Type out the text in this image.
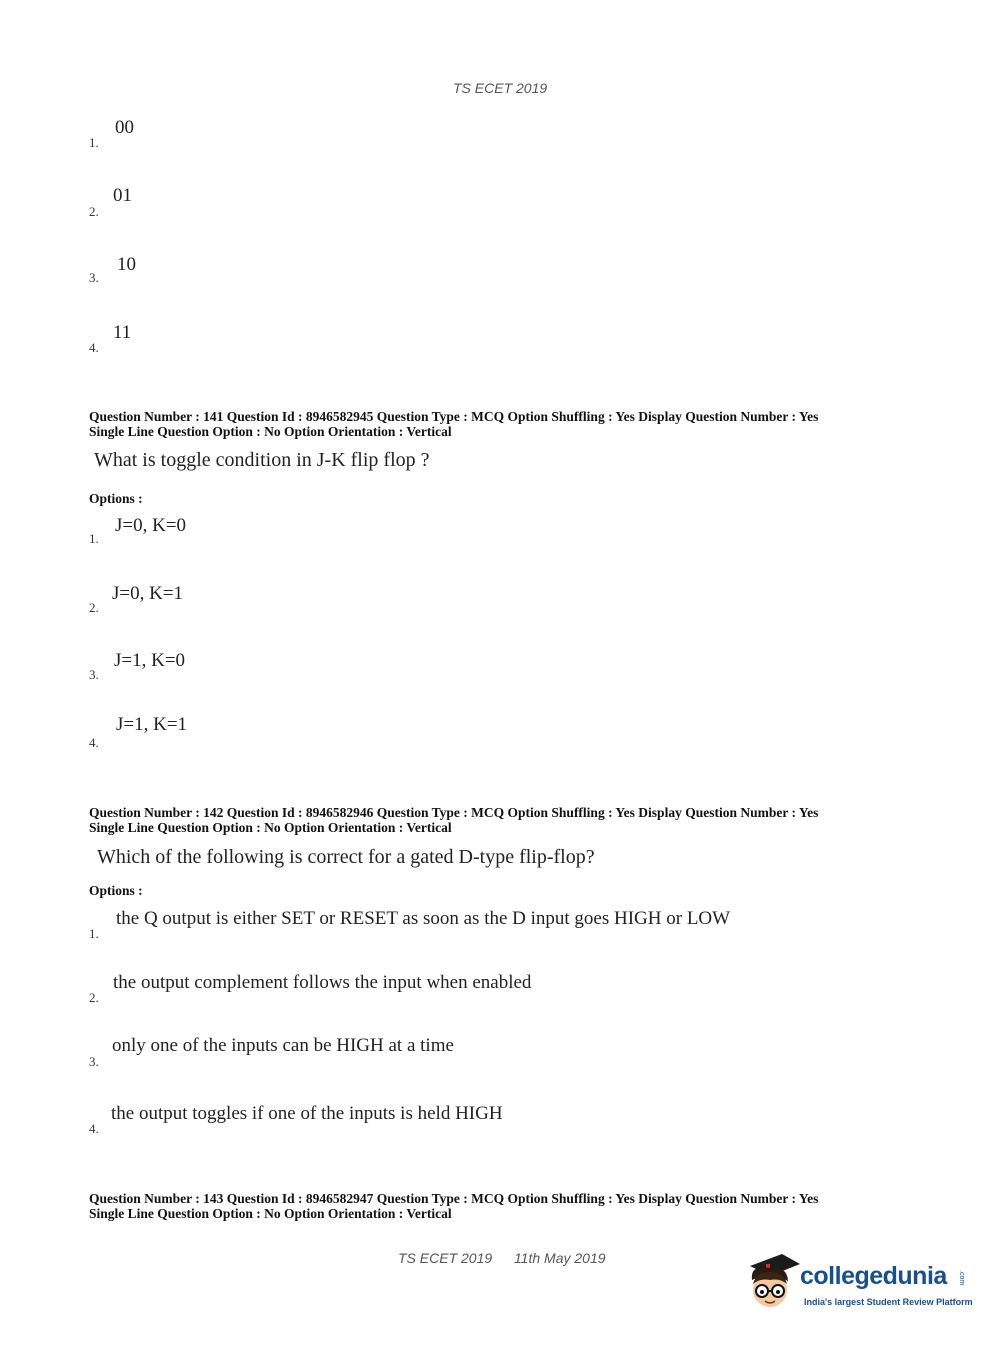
TS ECET 2019
1.
00
2.
01
3.
10
4.
11
Question Number : 141 Question Id : 8946582945 Question Type : MCQ Option Shuffling : Yes Display Question Number : Yes
Single Line Question Option : No Option Orientation : Vertical
What is toggle condition in J-K flip flop ?
Options :
1.
J=0, K=0
2.
J=0, K=1
3.
J=1, K=0
4.
J=1, K=1
Question Number : 142 Question Id : 8946582946 Question Type : MCQ Option Shuffling : Yes Display Question Number : Yes
Single Line Question Option : No Option Orientation : Vertical
Which of the following is correct for a gated D-type flip-flop?
Options :
1.
the Q output is either SET or RESET as soon as the D input goes HIGH or LOW
2.
the output complement follows the input when enabled
3.
only one of the inputs can be HIGH at a time
4.
the output toggles if one of the inputs is held HIGH
Question Number : 143 Question Id : 8946582947 Question Type : MCQ Option Shuffling : Yes Display Question Number : Yes
Single Line Question Option : No Option Orientation : Vertical
TS ECET 2019 11th May 2019
collegedunia .com
India's largest Student Review Platform
